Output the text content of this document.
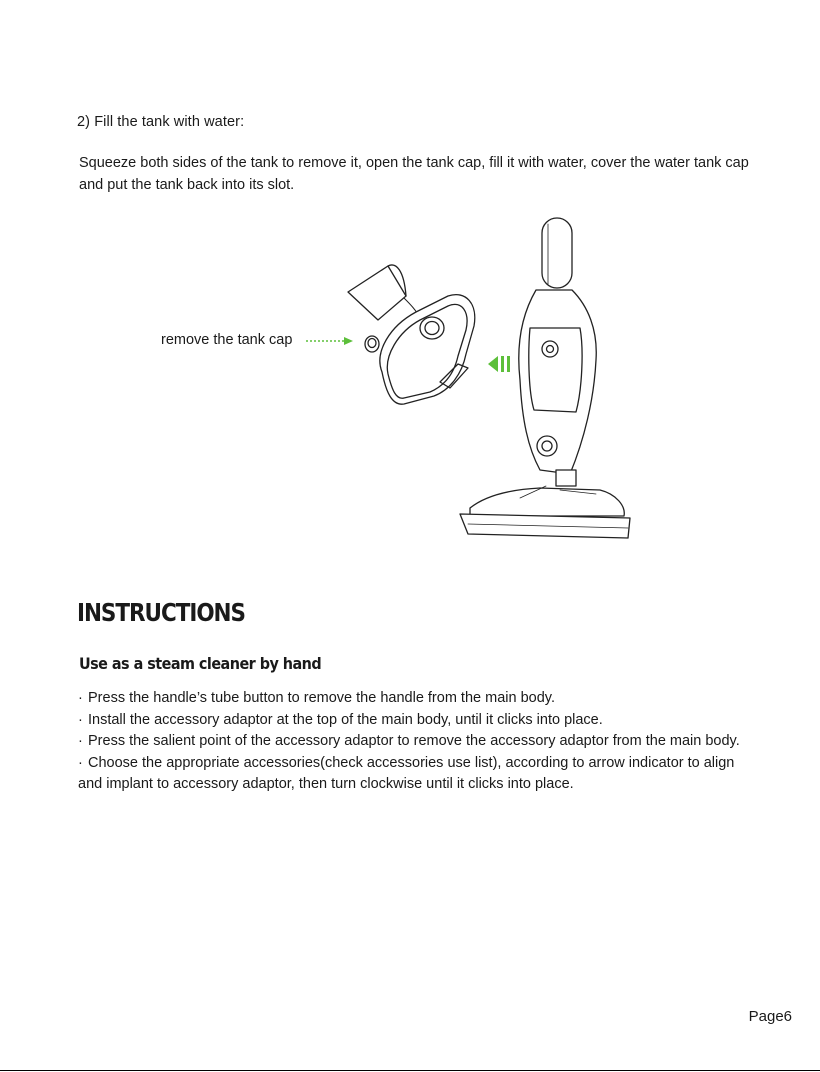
2) Fill the tank with water:
Squeeze both sides of the tank to remove it, open the tank cap, fill it with water, cover the water tank cap and put the tank back into its slot.
remove the tank cap
INSTRUCTIONS
Use as a steam cleaner by hand
· Press the handle’s tube button to remove the handle from the main body.
· Install the accessory adaptor at the top of the main body, until it clicks into place.
· Press the salient point of the accessory adaptor to remove the accessory adaptor from the main body.
· Choose the appropriate accessories(check accessories use list), according to arrow indicator to align and implant to accessory adaptor, then turn clockwise until it clicks into place.
Page6
